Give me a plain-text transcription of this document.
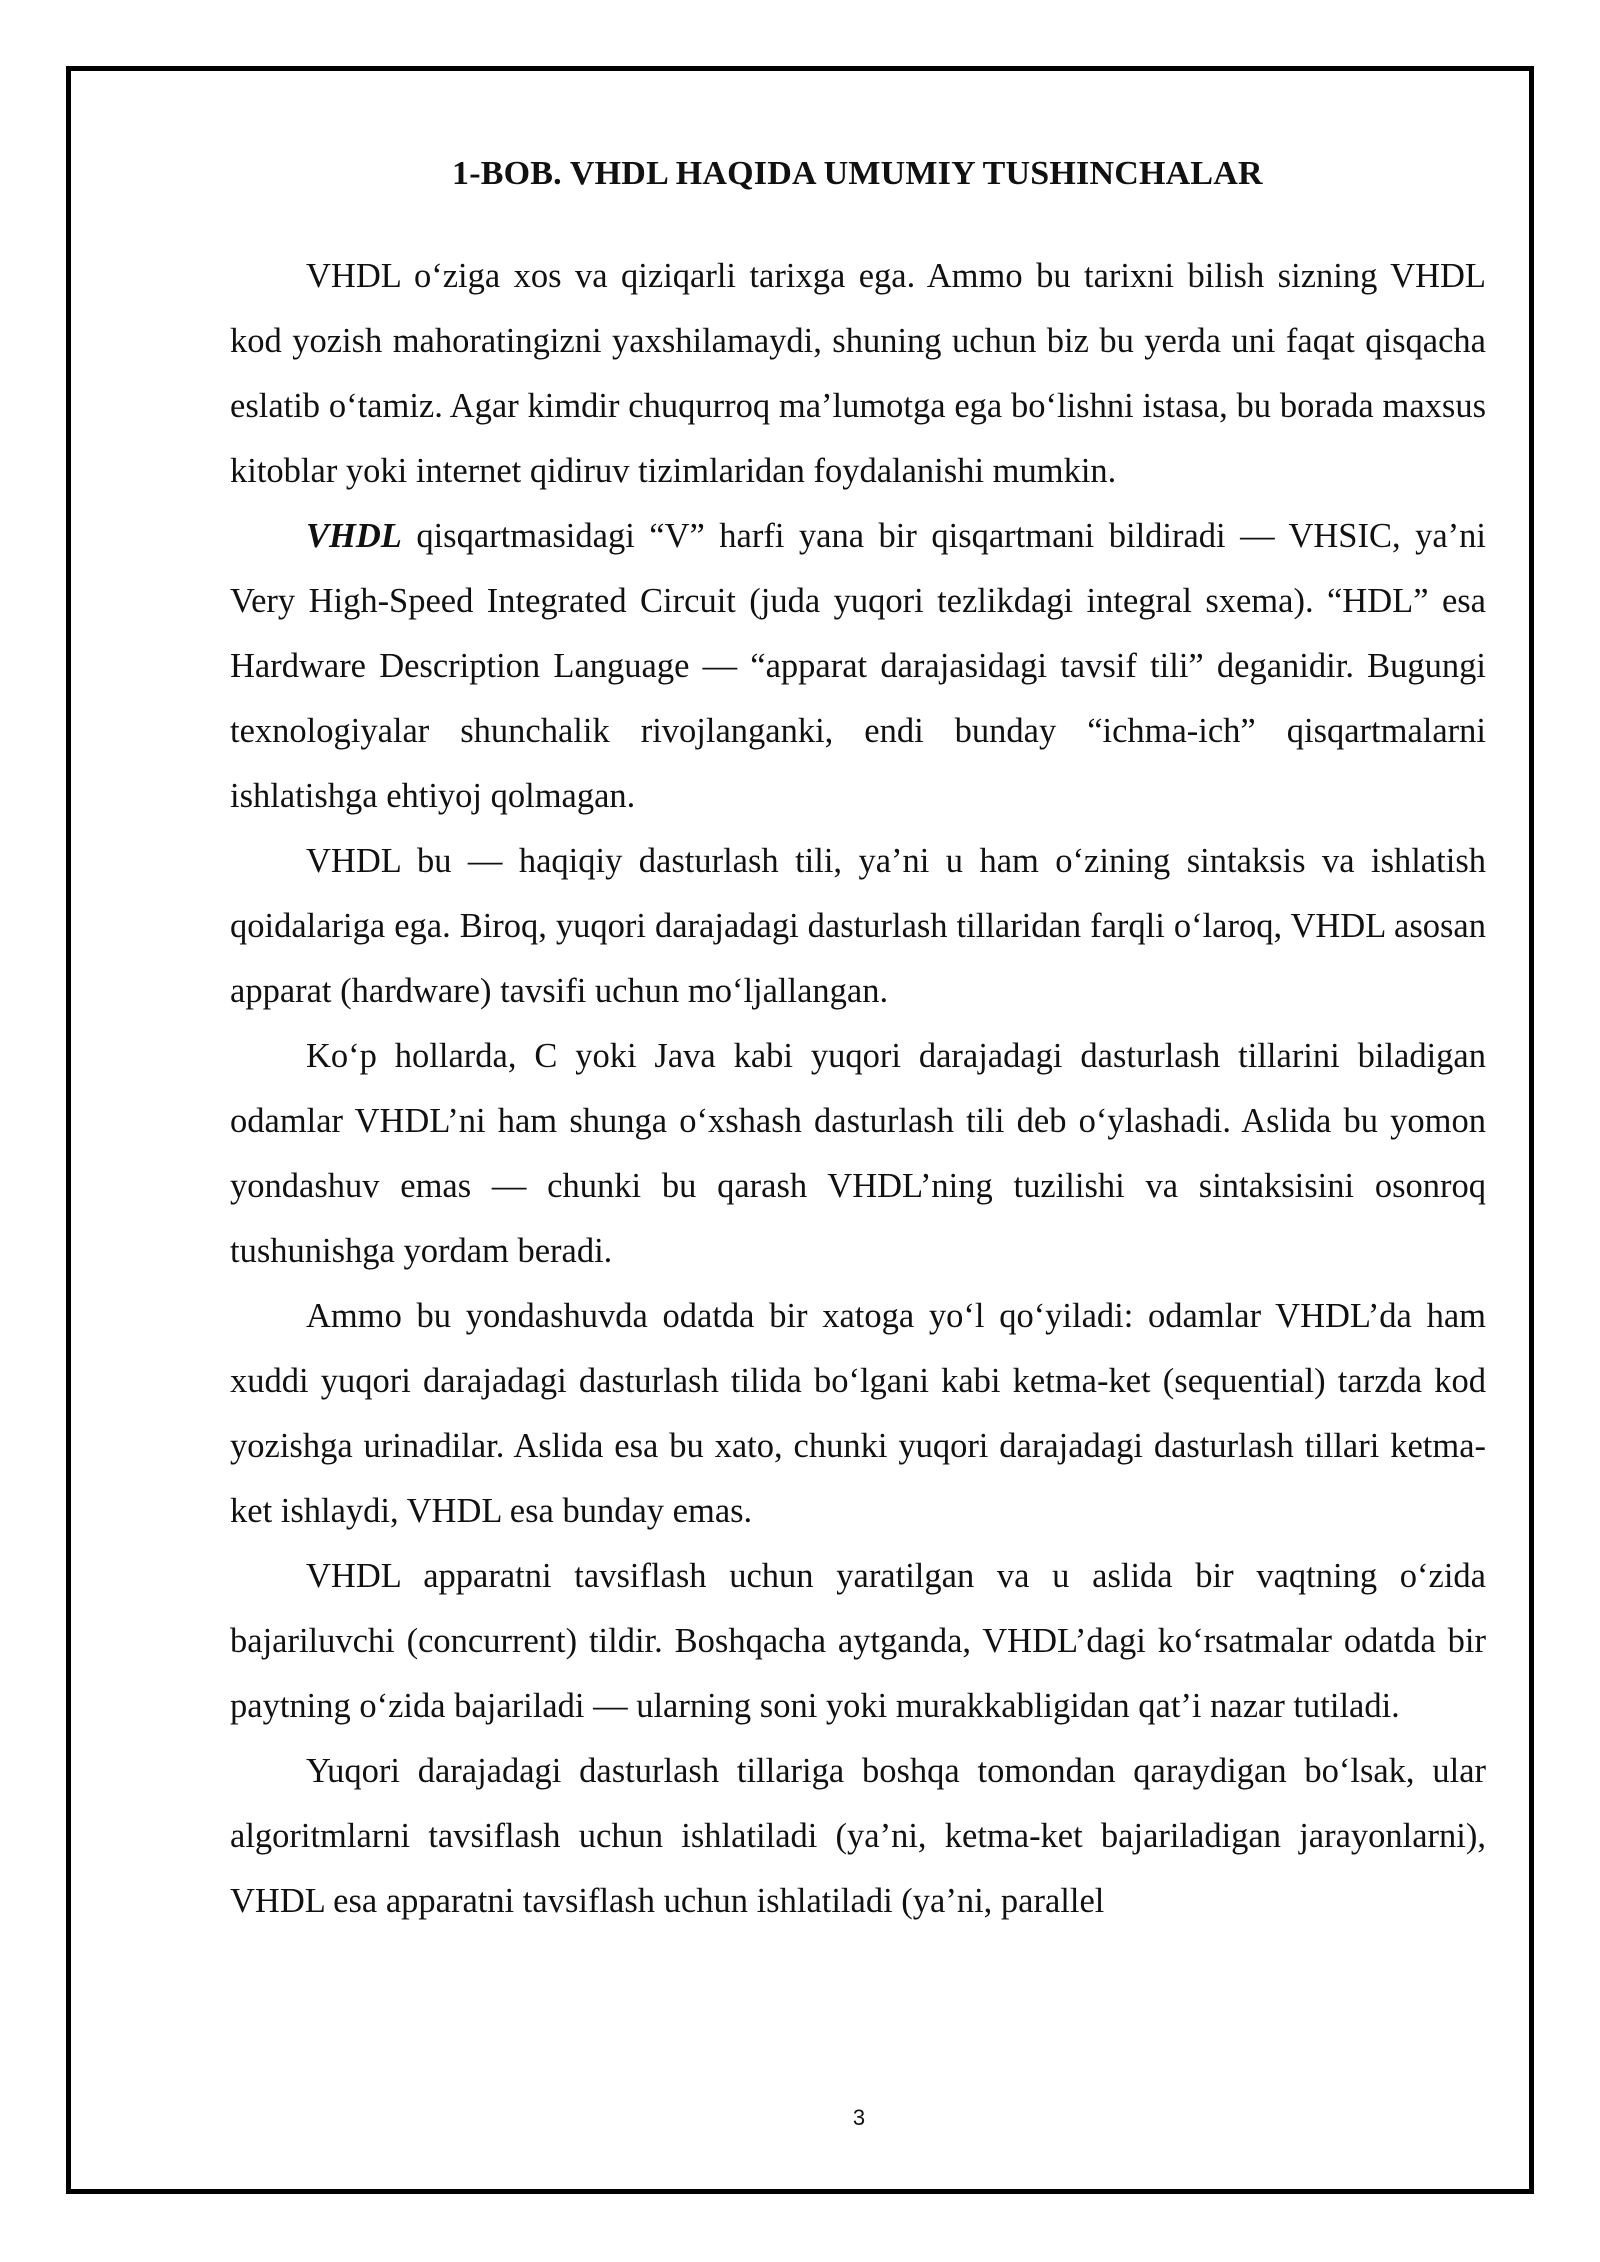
1-BOB. VHDL HAQIDA UMUMIY TUSHINCHALAR

VHDL o‘ziga xos va qiziqarli tarixga ega. Ammo bu tarixni bilish sizning VHDL kod yozish mahoratingizni yaxshilamaydi, shuning uchun biz bu yerda uni faqat qisqacha eslatib o‘tamiz. Agar kimdir chuqurroq ma’lumotga ega bo‘lishni istasa, bu borada maxsus kitoblar yoki internet qidiruv tizimlaridan foydalanishi mumkin.

VHDL qisqartmasidagi “V” harfi yana bir qisqartmani bildiradi — VHSIC, ya’ni Very High-Speed Integrated Circuit (juda yuqori tezlikdagi integral sxema). “HDL” esa Hardware Description Language — “apparat darajasidagi tavsif tili” deganidir. Bugungi texnologiyalar shunchalik rivojlanganki, endi bunday “ichma-ich” qisqartmalarni ishlatishga ehtiyoj qolmagan.

VHDL bu — haqiqiy dasturlash tili, ya’ni u ham o‘zining sintaksis va ishlatish qoidalariga ega. Biroq, yuqori darajadagi dasturlash tillaridan farqli o‘laroq, VHDL asosan apparat (hardware) tavsifi uchun mo‘ljallangan.

Ko‘p hollarda, C yoki Java kabi yuqori darajadagi dasturlash tillarini biladigan odamlar VHDL’ni ham shunga o‘xshash dasturlash tili deb o‘ylashadi. Aslida bu yomon yondashuv emas — chunki bu qarash VHDL’ning tuzilishi va sintaksisini osonroq tushunishga yordam beradi.

Ammo bu yondashuvda odatda bir xatoga yo‘l qo‘yiladi: odamlar VHDL’da ham xuddi yuqori darajadagi dasturlash tilida bo‘lgani kabi ketma-ket (sequential) tarzda kod yozishga urinadilar. Aslida esa bu xato, chunki yuqori darajadagi dasturlash tillari ketma-ket ishlaydi, VHDL esa bunday emas.

VHDL apparatni tavsiflash uchun yaratilgan va u aslida bir vaqtning o‘zida bajariluvchi (concurrent) tildir. Boshqacha aytganda, VHDL’dagi ko‘rsatmalar odatda bir paytning o‘zida bajariladi — ularning soni yoki murakkabligidan qat’i nazar tutiladi.

Yuqori darajadagi dasturlash tillariga boshqa tomondan qaraydigan bo‘lsak, ular algoritmlarni tavsiflash uchun ishlatiladi (ya’ni, ketma-ket bajariladigan jarayonlarni), VHDL esa apparatni tavsiflash uchun ishlatiladi (ya’ni, parallel

3
